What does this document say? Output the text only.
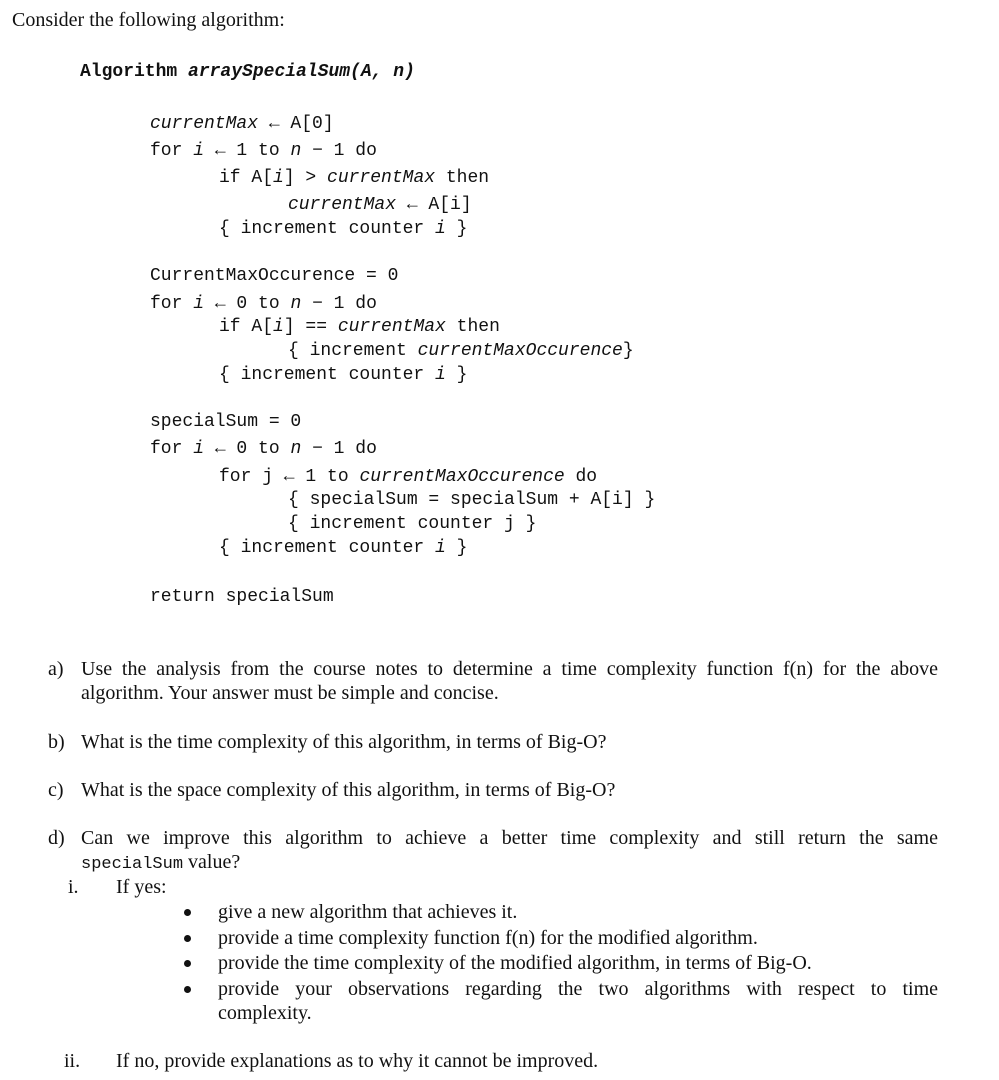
Consider the following algorithm:
Algorithm arraySpecialSum(A, n)
currentMax ← A[0]
for i ← 1 to n − 1 do
if A[i] > currentMax then
currentMax ← A[i]
{ increment counter i }
CurrentMaxOccurence = 0
for i ← 0 to n − 1 do
if A[i] == currentMax then
{ increment currentMaxOccurence}
{ increment counter i }
specialSum = 0
for i ← 0 to n − 1 do
for j ← 1 to currentMaxOccurence do
{ specialSum = specialSum + A[i] }
{ increment counter j }
{ increment counter i }
return specialSum
a) Use the analysis from the course notes to determine a time complexity function f(n) for the above
algorithm. Your answer must be simple and concise.
b) What is the time complexity of this algorithm, in terms of Big-O?
c) What is the space complexity of this algorithm, in terms of Big-O?
d) Can we improve this algorithm to achieve a better time complexity and still return the same
specialSum value?
i. If yes:
give a new algorithm that achieves it.
provide a time complexity function f(n) for the modified algorithm.
provide the time complexity of the modified algorithm, in terms of Big-O.
provide your observations regarding the two algorithms with respect to time
complexity.
ii. If no, provide explanations as to why it cannot be improved.
